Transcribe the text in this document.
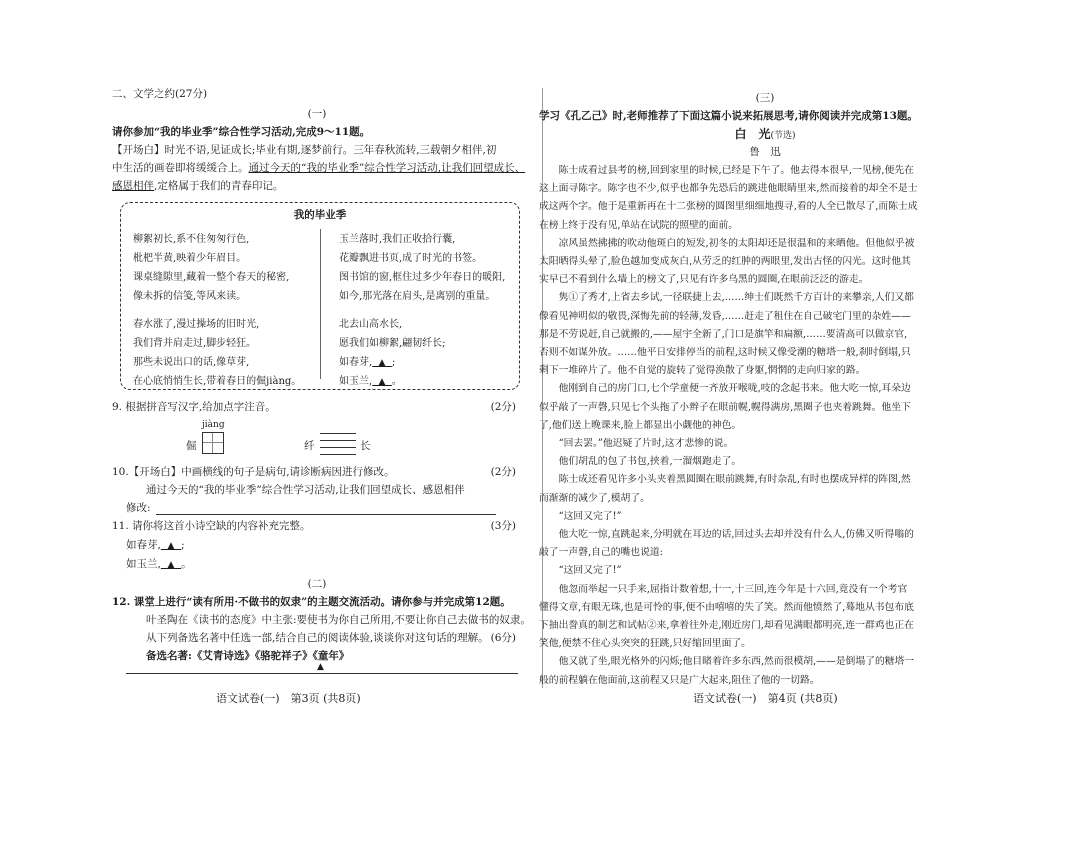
二、文学之约(27分)
(一)
请你参加“我的毕业季”综合性学习活动,完成9～11题。
【开场白】时光不语,见证成长;毕业有期,逐梦前行。三年春秋流转,三载朝夕相伴,初
中生活的画卷即将缓缓合上。通过今天的“我的毕业季”综合性学习活动,让我们回望成长、
感恩相伴,定格属于我们的青春印记。
我的毕业季
柳絮初长,系不住匆匆行色,
枇杷半黄,映着少年眉目。
课桌缝隙里,藏着一整个春天的秘密,
像未拆的信笺,等风来读。
春水涨了,漫过操场的旧时光,
我们背并肩走过,脚步轻狂。
那些未说出口的话,像草芽,
在心底悄悄生长,带着春日的倔jiàng。
玉兰落时,我们正收拾行囊,
花瓣飘进书页,成了时光的书签。
图书馆的窗,框住过多少年春日的暖阳,
如今,那光落在肩头,是离别的重量。
北去山高水长,
愿我们如柳絮,翩韧纤长;
如春芽, ▲ ;
如玉兰, ▲ 。
9. 根据拼音写汉字,给加点字注音。	(2分)
jiàng
倔	纤	长
10.【开场白】中画横线的句子是病句,请诊断病因进行修改。	(2分)
通过今天的“我的毕业季”综合性学习活动,让我们回望成长、感恩相伴
修改:
11. 请你将这首小诗空缺的内容补充完整。	(3分)
如春芽, ▲ ;
如玉兰, ▲ 。
(二)
12. 课堂上进行“读有所用·不做书的奴隶”的主题交流活动。请你参与并完成第12题。
叶圣陶在《读书的态度》中主张:要使书为你自己所用,不要让你自己去做书的奴隶。
从下列备选名著中任选一部,结合自己的阅读体验,谈谈你对这句话的理解。 (6分)
备选名著:《艾青诗选》《骆驼祥子》《童年》
▲
语文试卷(一)　第3页 (共8页)
(三)
学习《孔乙己》时,老师推荐了下面这篇小说来拓展思考,请你阅读并完成第13题。
白　光(节选)
鲁　迅
　　陈士成看过县考的榜,回到家里的时候,已经是下午了。他去得本很早,一见榜,便先在
这上面寻陈字。陈字也不少,似乎也都争先恐后的跳进他眼睛里来,然而接着的却全不是士
成这两个字。他于是重新再在十二张榜的圆图里细细地搜寻,看的人全已散尽了,而陈士成
在榜上终于没有见,单站在试院的照壁的面前。
　　凉风虽然拂拂的吹动他斑白的短发,初冬的太阳却还是很温和的来晒他。但他似乎被
太阳晒得头晕了,脸色越加变成灰白,从劳乏的红肿的两眼里,发出古怪的闪光。这时他其
实早已不看到什么墙上的榜文了,只见有许多乌黑的圆圈,在眼前泛泛的游走。
　　隽①了秀才,上省去乡试,一径联捷上去,……绅士们既然千方百计的来攀亲,人们又都
像看见神明似的敬畏,深悔先前的轻薄,发昏,……赶走了租住在自己破宅门里的杂姓——
那是不劳说赶,自己就搬的,——屋宇全新了,门口是旗竿和扁额,……要清高可以做京官,
否则不如谋外放。……他平日安排停当的前程,这时候又像受潮的糖塔一般,刹时倒塌,只
剩下一堆碎片了。他不自觉的旋转了觉得涣散了身躯,惘惘的走向归家的路。
　　他刚到自己的房门口,七个学童便一齐放开喉咙,吱的念起书来。他大吃一惊,耳朵边
似乎敲了一声磬,只见七个头拖了小辫子在眼前幌,幌得满房,黑圈子也夹着跳舞。他坐下
了,他们送上晚课来,脸上都显出小觑他的神色。
　　“回去罢。”他迟疑了片时,这才悲惨的说。
　　他们胡乱的包了书包,挟着,一溜烟跑走了。
　　陈士成还看见许多小头夹着黑圆圈在眼前跳舞,有时杂乱,有时也摆成异样的阵图,然
而渐渐的减少了,模胡了。
　　“这回又完了!”
　　他大吃一惊,直跳起来,分明就在耳边的话,回过头去却并没有什么人,仿佛又听得嗡的
敲了一声磬,自己的嘴也说道:
　　“这回又完了!”
　　他忽而举起一只手来,屈指计数着想,十一,十三回,连今年是十六回,竟没有一个考官
懂得文章,有眼无珠,也是可怜的事,便不由嘻嘻的失了笑。然而他愤然了,蓦地从书包布底
下抽出誊真的制艺和试帖②来,拿着往外走,刚近房门,却看见满眼都明亮,连一群鸡也正在
笑他,便禁不住心头突突的狂跳,只好缩回里面了。
　　他又就了坐,眼光格外的闪烁;他目睹着许多东西,然而很模胡,——是倒塌了的糖塔一
般的前程躺在他面前,这前程又只是广大起来,阻住了他的一切路。
语文试卷(一)　第4页 (共8页)
